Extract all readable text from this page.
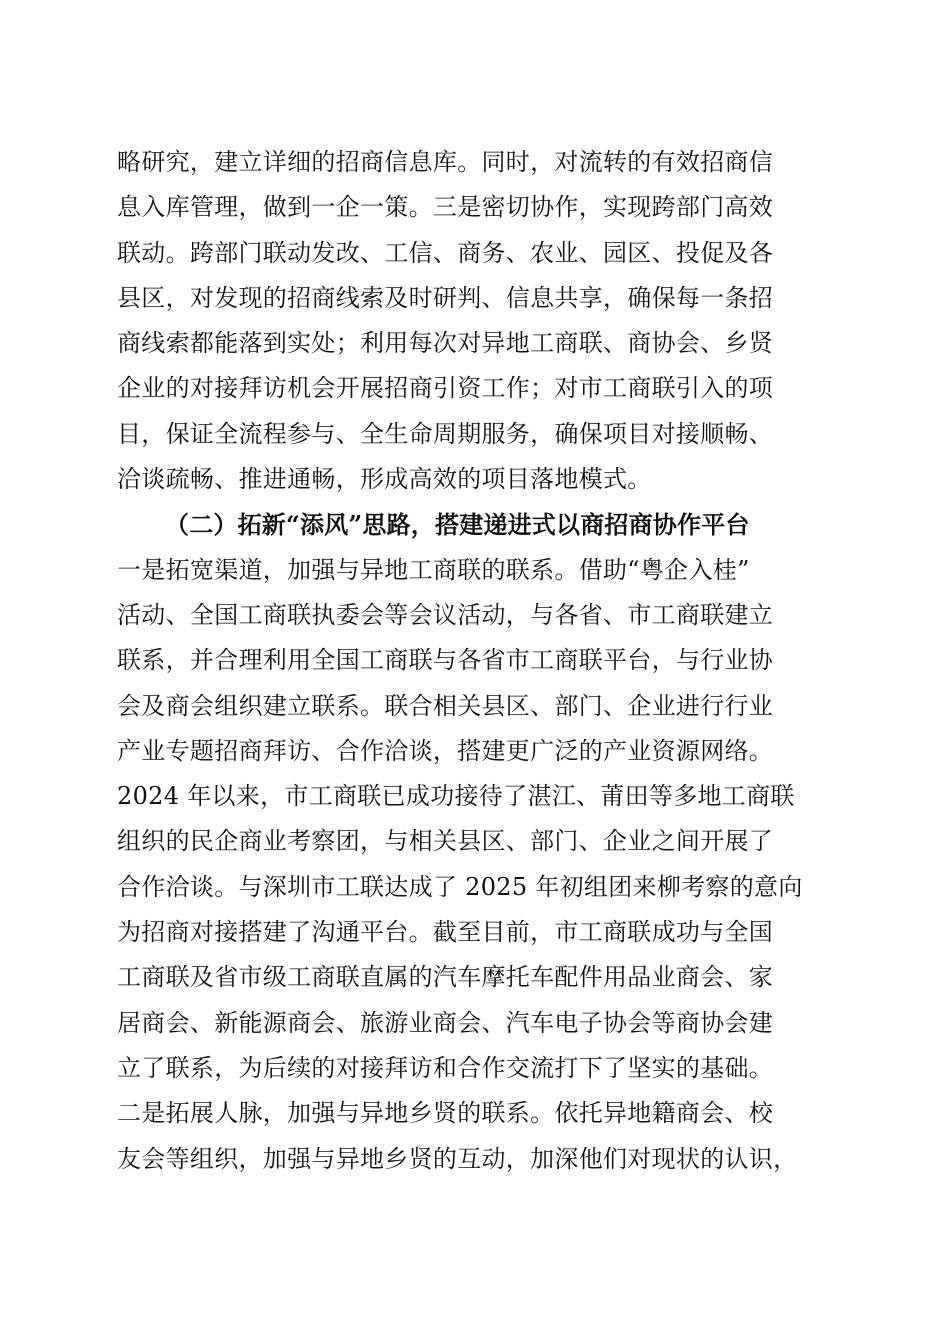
略研究，建立详细的招商信息库。同时，对流转的有效招商信
息入库管理，做到一企一策。三是密切协作，实现跨部门高效
联动。跨部门联动发改、工信、商务、农业、园区、投促及各
县区，对发现的招商线索及时研判、信息共享，确保每一条招
商线索都能落到实处；利用每次对异地工商联、商协会、乡贤
企业的对接拜访机会开展招商引资工作；对市工商联引入的项
目，保证全流程参与、全生命周期服务，确保项目对接顺畅、
洽谈疏畅、推进通畅，形成高效的项目落地模式。
（二）拓新“添风”思路，搭建递进式以商招商协作平台
一是拓宽渠道，加强与异地工商联的联系。借助“粤企入桂”
活动、全国工商联执委会等会议活动，与各省、市工商联建立
联系，并合理利用全国工商联与各省市工商联平台，与行业协
会及商会组织建立联系。联合相关县区、部门、企业进行行业
产业专题招商拜访、合作洽谈，搭建更广泛的产业资源网络。
2024 年以来，市工商联已成功接待了湛江、莆田等多地工商联
组织的民企商业考察团，与相关县区、部门、企业之间开展了
合作洽谈。与深圳市工联达成了 2025 年初组团来柳考察的意向
为招商对接搭建了沟通平台。截至目前，市工商联成功与全国
工商联及省市级工商联直属的汽车摩托车配件用品业商会、家
居商会、新能源商会、旅游业商会、汽车电子协会等商协会建
立了联系，为后续的对接拜访和合作交流打下了坚实的基础。
二是拓展人脉，加强与异地乡贤的联系。依托异地籍商会、校
友会等组织，加强与异地乡贤的互动，加深他们对现状的认识，
